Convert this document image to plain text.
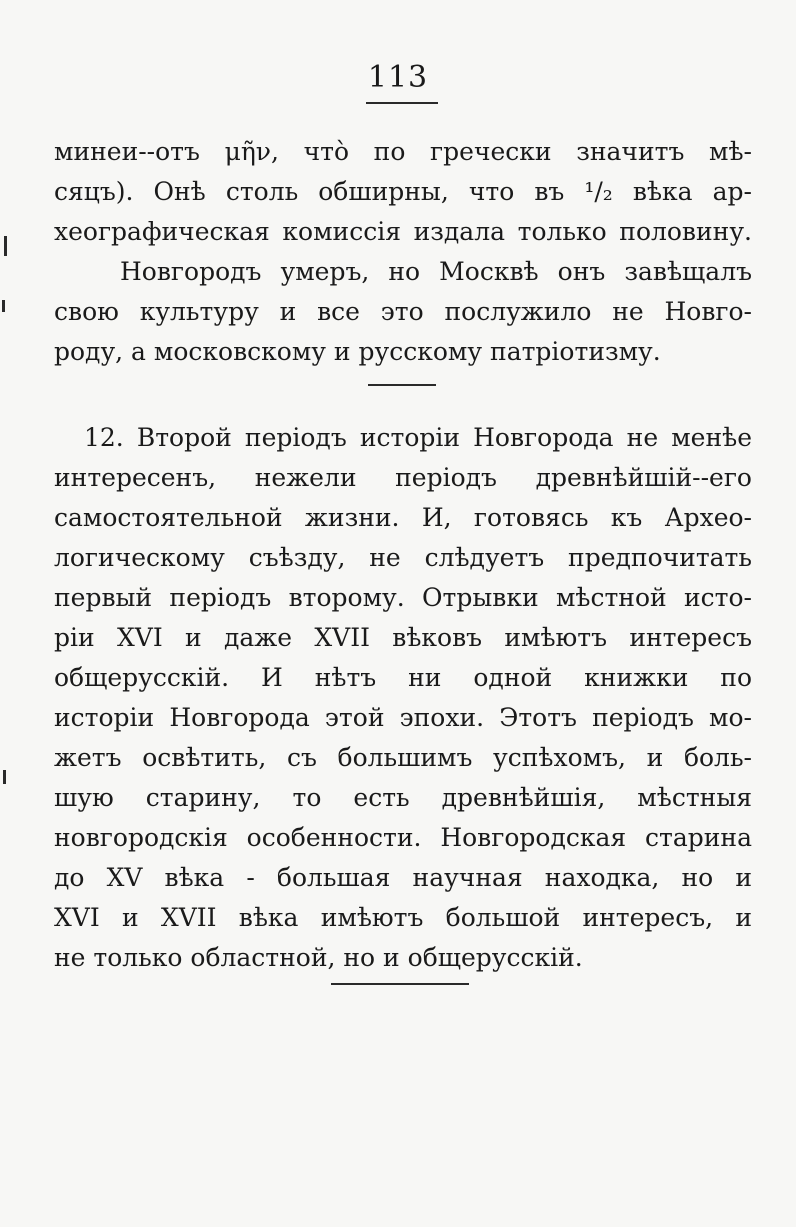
113
минеи--отъ μῆν, что̀ по гречески значитъ мѣ-
сяцъ). Онѣ столь обширны, что въ ¹/₂ вѣка ар-
хеографическая комиссія издала только половину.
Новгородъ умеръ, но Москвѣ онъ завѣщалъ
свою культуру и все это послужило не Новго-
роду, а московскому и русскому патріотизму.
12. Второй періодъ исторіи Новгорода не менѣе
интересенъ, нежели періодъ древнѣйшій--его
самостоятельной жизни. И, готовясь къ Архео-
логическому съѣзду, не слѣдуетъ предпочитать
первый періодъ второму. Отрывки мѣстной исто-
ріи XVI и даже XVII вѣковъ имѣютъ интересъ
общерусскій. И нѣтъ ни одной книжки по
исторіи Новгорода этой эпохи. Этотъ періодъ мо-
жетъ освѣтить, съ большимъ успѣхомъ, и боль-
шую старину, то есть древнѣйшія, мѣстныя
новгородскія особенности. Новгородская старина
до XV вѣка - большая научная находка, но и
XVI и XVII вѣка имѣютъ большой интересъ, и
не только областной, но и общерусскій.
